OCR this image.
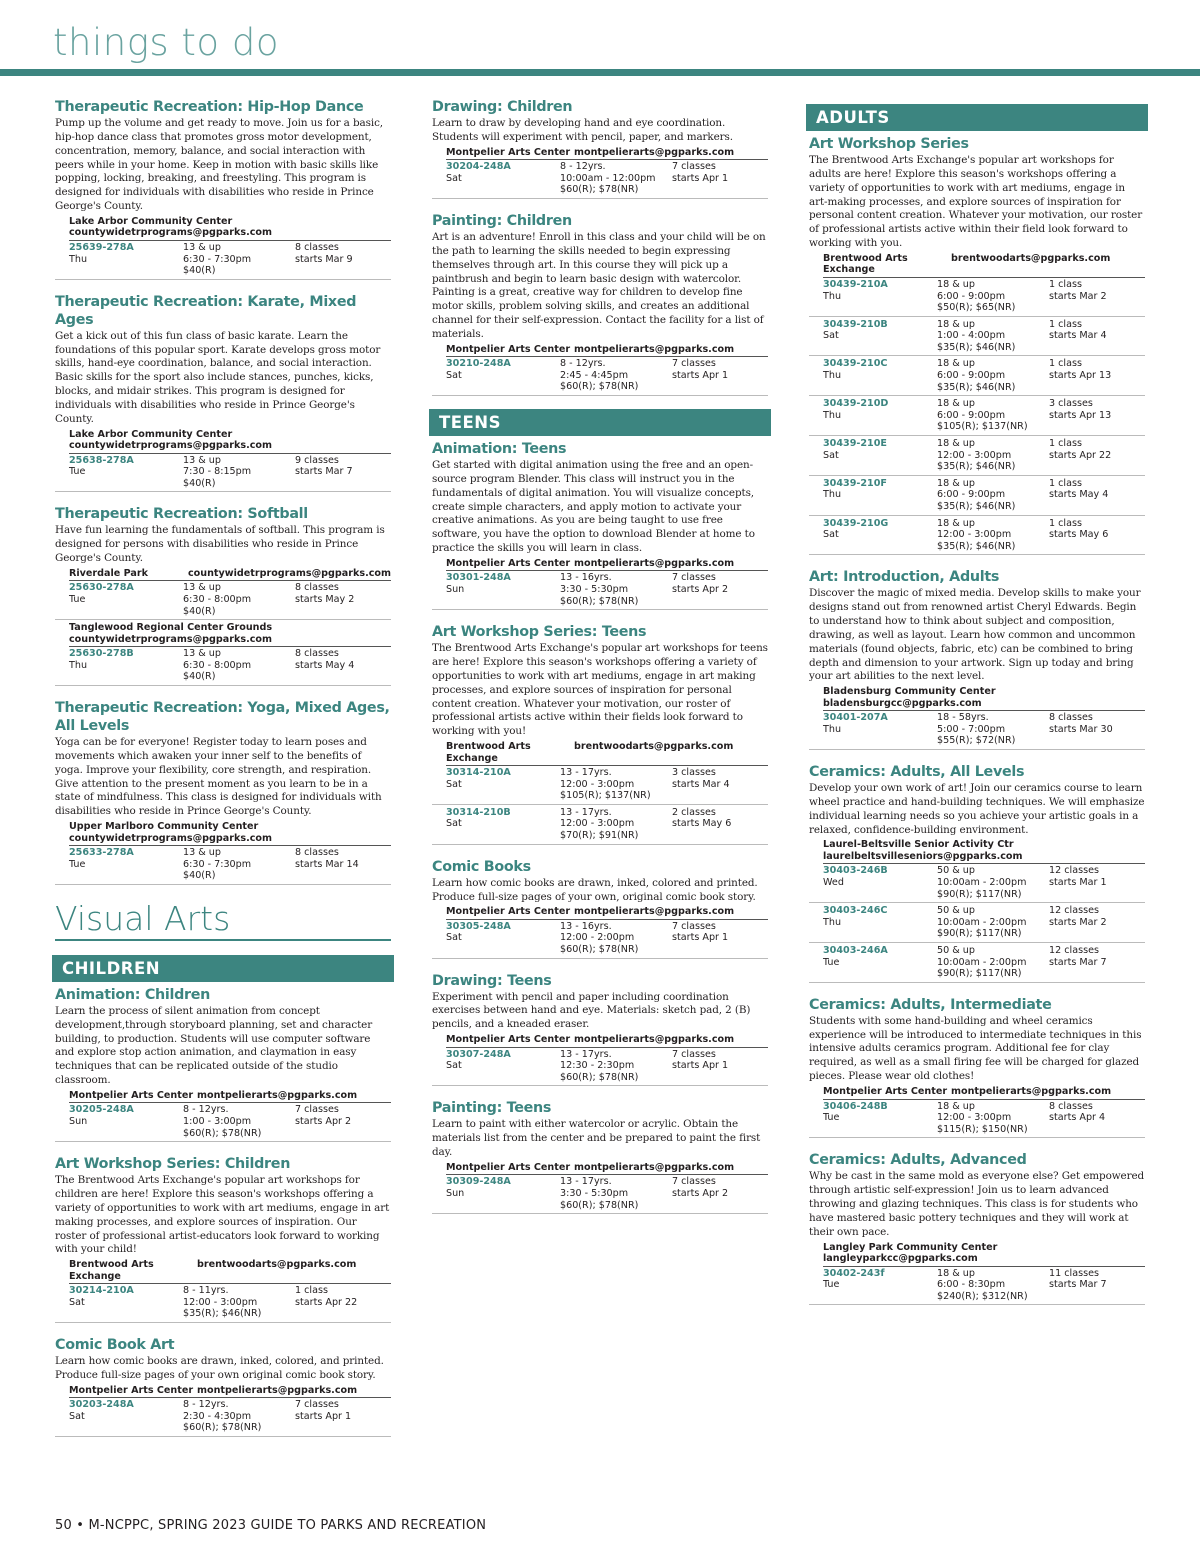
things to do
Therapeutic Recreation: Hip-Hop Dance

Pump up the volume and get ready to move. Join us for a basic, hip-hop dance class that promotes gross motor development, concentration, memory, balance, and social interaction with peers while in your home. Keep in motion with basic skills like popping, locking, breaking, and freestyling. This program is designed for individuals with disabilities who reside in Prince George's County.

Lake Arbor Community Center
countywidetrprograms@pgparks.com
25639-278A	13 & up	8 classes
Thu	6:30 - 7:30pm	starts Mar 9
$40(R)
Therapeutic Recreation: Karate, Mixed Ages

Get a kick out of this fun class of basic karate. Learn the foundations of this popular sport. Karate develops gross motor skills, hand-eye coordination, balance, and social interaction. Basic skills for the sport also include stances, punches, kicks, blocks, and midair strikes. This program is designed for individuals with disabilities who reside in Prince George's County.

Lake Arbor Community Center
countywidetrprograms@pgparks.com
25638-278A	13 & up	9 classes
Tue	7:30 - 8:15pm	starts Mar 7
$40(R)
Therapeutic Recreation: Softball

Have fun learning the fundamentals of softball. This program is designed for persons with disabilities who reside in Prince George's County.

Riverdale Park	countywidetrprograms@pgparks.com
25630-278A	13 & up	8 classes
Tue	6:30 - 8:00pm	starts May 2
$40(R)
Tanglewood Regional Center Grounds
countywidetrprograms@pgparks.com
25630-278B	13 & up	8 classes
Thu	6:30 - 8:00pm	starts May 4
$40(R)
Therapeutic Recreation: Yoga, Mixed Ages, All Levels

Yoga can be for everyone! Register today to learn poses and movements which awaken your inner self to the benefits of yoga. Improve your flexibility, core strength, and respiration. Give attention to the present moment as you learn to be in a state of mindfulness. This class is designed for individuals with disabilities who reside in Prince George's County.

Upper Marlboro Community Center
countywidetrprograms@pgparks.com
25633-278A	13 & up	8 classes
Tue	6:30 - 7:30pm	starts Mar 14
$40(R)
Visual Arts
CHILDREN
Animation: Children

Learn the process of silent animation from concept development,through storyboard planning, set and character building, to production. Students will use computer software and explore stop action animation, and claymation in easy techniques that can be replicated outside of the studio classroom.

Montpelier Arts Center montpelierarts@pgparks.com
30205-248A	8 - 12yrs.	7 classes
Sun	1:00 - 3:00pm	starts Apr 2
$60(R); $78(NR)
Art Workshop Series: Children

The Brentwood Arts Exchange's popular art workshops for children are here! Explore this season's workshops offering a variety of opportunities to work with art mediums, engage in art making processes, and explore sources of inspiration. Our roster of professional artist-educators look forward to working with your child!

Brentwood Arts Exchange
brentwoodarts@pgparks.com
30214-210A	8 - 11yrs.	1 class
Sat	12:00 - 3:00pm	starts Apr 22
$35(R); $46(NR)
Comic Book Art

Learn how comic books are drawn, inked, colored, and printed. Produce full-size pages of your own original comic book story.

Montpelier Arts Center montpelierarts@pgparks.com
30203-248A	8 - 12yrs.	7 classes
Sat	2:30 - 4:30pm	starts Apr 1
$60(R); $78(NR)
Drawing: Children

Learn to draw by developing hand and eye coordination. Students will experiment with pencil, paper, and markers.

Montpelier Arts Center montpelierarts@pgparks.com
30204-248A	8 - 12yrs.	7 classes
Sat	10:00am - 12:00pm	starts Apr 1
$60(R); $78(NR)
Painting: Children

Art is an adventure! Enroll in this class and your child will be on the path to learning the skills needed to begin expressing themselves through art. In this course they will pick up a paintbrush and begin to learn basic design with watercolor. Painting is a great, creative way for children to develop fine motor skills, problem solving skills, and creates an additional channel for their self-expression. Contact the facility for a list of materials.

Montpelier Arts Center montpelierarts@pgparks.com
30210-248A	8 - 12yrs.	7 classes
Sat	2:45 - 4:45pm	starts Apr 1
$60(R); $78(NR)
TEENS
Animation: Teens

Get started with digital animation using the free and an open-source program Blender. This class will instruct you in the fundamentals of digital animation. You will visualize concepts, create simple characters, and apply motion to activate your creative animations. As you are being taught to use free software, you have the option to download Blender at home to practice the skills you will learn in class.

Montpelier Arts Center montpelierarts@pgparks.com
30301-248A	13 - 16yrs.	7 classes
Sun	3:30 - 5:30pm	starts Apr 2
$60(R); $78(NR)
Art Workshop Series: Teens

The Brentwood Arts Exchange's popular art workshops for teens are here! Explore this season's workshops offering a variety of opportunities to work with art mediums, engage in art making processes, and explore sources of inspiration for personal content creation. Whatever your motivation, our roster of professional artists active within their fields look forward to working with you!

Brentwood Arts Exchange
brentwoodarts@pgparks.com
30314-210A	13 - 17yrs.	3 classes
Sat	12:00 - 3:00pm	starts Mar 4
$105(R); $137(NR)
30314-210B	13 - 17yrs.	2 classes
Sat	12:00 - 3:00pm	starts May 6
$70(R); $91(NR)
Comic Books

Learn how comic books are drawn, inked, colored and printed. Produce full-size pages of your own, original comic book story.

Montpelier Arts Center montpelierarts@pgparks.com
30305-248A	13 - 16yrs.	7 classes
Sat	12:00 - 2:00pm	starts Apr 1
$60(R); $78(NR)
Drawing: Teens

Experiment with pencil and paper including coordination exercises between hand and eye. Materials: sketch pad, 2 (B) pencils, and a kneaded eraser.

Montpelier Arts Center montpelierarts@pgparks.com
30307-248A	13 - 17yrs.	7 classes
Sat	12:30 - 2:30pm	starts Apr 1
$60(R); $78(NR)
Painting: Teens

Learn to paint with either watercolor or acrylic. Obtain the materials list from the center and be prepared to paint the first day.

Montpelier Arts Center montpelierarts@pgparks.com
30309-248A	13 - 17yrs.	7 classes
Sun	3:30 - 5:30pm	starts Apr 2
$60(R); $78(NR)
ADULTS
Art Workshop Series

The Brentwood Arts Exchange's popular art workshops for adults are here! Explore this season's workshops offering a variety of opportunities to work with art mediums, engage in art-making processes, and explore sources of inspiration for personal content creation. Whatever your motivation, our roster of professional artists active within their field look forward to working with you.

Brentwood Arts Exchange
brentwoodarts@pgparks.com
30439-210A	18 & up	1 class
Thu	6:00 - 9:00pm	starts Mar 2
$50(R); $65(NR)
30439-210B	18 & up	1 class
Sat	1:00 - 4:00pm	starts Mar 4
$35(R); $46(NR)
30439-210C	18 & up	1 class
Thu	6:00 - 9:00pm	starts Apr 13
$35(R); $46(NR)
30439-210D	18 & up	3 classes
Thu	6:00 - 9:00pm	starts Apr 13
$105(R); $137(NR)
30439-210E	18 & up	1 class
Sat	12:00 - 3:00pm	starts Apr 22
$35(R); $46(NR)
30439-210F	18 & up	1 class
Thu	6:00 - 9:00pm	starts May 4
$35(R); $46(NR)
30439-210G	18 & up	1 class
Sat	12:00 - 3:00pm	starts May 6
$35(R); $46(NR)
Art: Introduction, Adults

Discover the magic of mixed media. Develop skills to make your designs stand out from renowned artist Cheryl Edwards. Begin to understand how to think about subject and composition, drawing, as well as layout. Learn how common and uncommon materials (found objects, fabric, etc) can be combined to bring depth and dimension to your artwork. Sign up today and bring your art abilities to the next level.

Bladensburg Community Center
bladensburgcc@pgparks.com
30401-207A	18 - 58yrs.	8 classes
Thu	5:00 - 7:00pm	starts Mar 30
$55(R); $72(NR)
Ceramics: Adults, All Levels

Develop your own work of art! Join our ceramics course to learn wheel practice and hand-building techniques. We will emphasize individual learning needs so you achieve your artistic goals in a relaxed, confidence-building environment.

Laurel-Beltsville Senior Activity Ctr
laurelbeltsvilleseniors@pgparks.com
30403-246B	50 & up	12 classes
Wed	10:00am - 2:00pm	starts Mar 1
$90(R); $117(NR)
30403-246C	50 & up	12 classes
Thu	10:00am - 2:00pm	starts Mar 2
$90(R); $117(NR)
30403-246A	50 & up	12 classes
Tue	10:00am - 2:00pm	starts Mar 7
$90(R); $117(NR)
Ceramics: Adults, Intermediate

Students with some hand-building and wheel ceramics experience will be introduced to intermediate techniques in this intensive adults ceramics program. Additional fee for clay required, as well as a small firing fee will be charged for glazed pieces. Please wear old clothes!

Montpelier Arts Center montpelierarts@pgparks.com
30406-248B	18 & up	8 classes
Tue	12:00 - 3:00pm	starts Apr 4
$115(R); $150(NR)
Ceramics: Adults, Advanced

Why be cast in the same mold as everyone else? Get empowered through artistic self-expression! Join us to learn advanced throwing and glazing techniques. This class is for students who have mastered basic pottery techniques and they will work at their own pace.

Langley Park Community Center
langleyparkcc@pgparks.com
30402-243f	18 & up	11 classes
Tue	6:00 - 8:30pm	starts Mar 7
$240(R); $312(NR)
50 • M-NCPPC, SPRING 2023 GUIDE TO PARKS AND RECREATION
